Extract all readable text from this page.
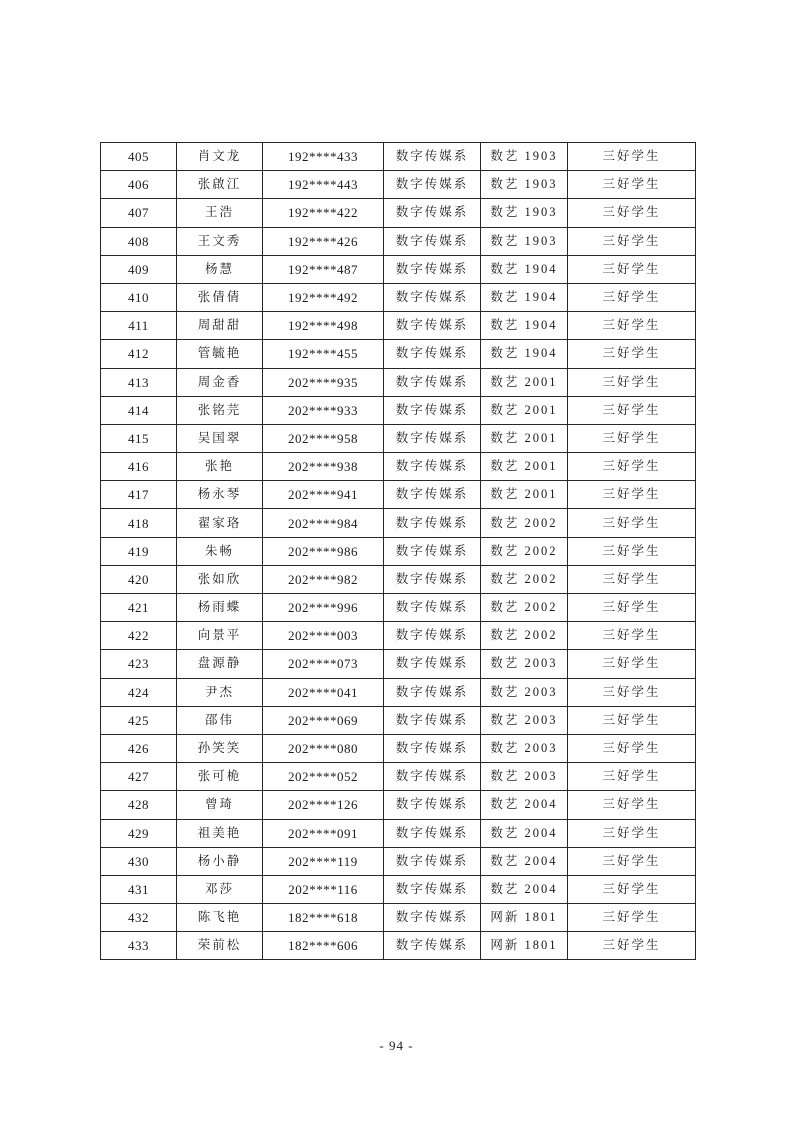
405	肖文龙	192****433	数字传媒系	数艺 1903	三好学生
406	张啟江	192****443	数字传媒系	数艺 1903	三好学生
407	王浩	192****422	数字传媒系	数艺 1903	三好学生
408	王文秀	192****426	数字传媒系	数艺 1903	三好学生
409	杨慧	192****487	数字传媒系	数艺 1904	三好学生
410	张倩倩	192****492	数字传媒系	数艺 1904	三好学生
411	周甜甜	192****498	数字传媒系	数艺 1904	三好学生
412	管毓艳	192****455	数字传媒系	数艺 1904	三好学生
413	周金香	202****935	数字传媒系	数艺 2001	三好学生
414	张铭芫	202****933	数字传媒系	数艺 2001	三好学生
415	吴国翠	202****958	数字传媒系	数艺 2001	三好学生
416	张艳	202****938	数字传媒系	数艺 2001	三好学生
417	杨永琴	202****941	数字传媒系	数艺 2001	三好学生
418	翟家珞	202****984	数字传媒系	数艺 2002	三好学生
419	朱畅	202****986	数字传媒系	数艺 2002	三好学生
420	张如欣	202****982	数字传媒系	数艺 2002	三好学生
421	杨雨蝶	202****996	数字传媒系	数艺 2002	三好学生
422	向景平	202****003	数字传媒系	数艺 2002	三好学生
423	盘源静	202****073	数字传媒系	数艺 2003	三好学生
424	尹杰	202****041	数字传媒系	数艺 2003	三好学生
425	邵伟	202****069	数字传媒系	数艺 2003	三好学生
426	孙笑笑	202****080	数字传媒系	数艺 2003	三好学生
427	张可桅	202****052	数字传媒系	数艺 2003	三好学生
428	曾琦	202****126	数字传媒系	数艺 2004	三好学生
429	祖美艳	202****091	数字传媒系	数艺 2004	三好学生
430	杨小静	202****119	数字传媒系	数艺 2004	三好学生
431	邓莎	202****116	数字传媒系	数艺 2004	三好学生
432	陈飞艳	182****618	数字传媒系	网新 1801	三好学生
433	荣前松	182****606	数字传媒系	网新 1801	三好学生
- 94 -
